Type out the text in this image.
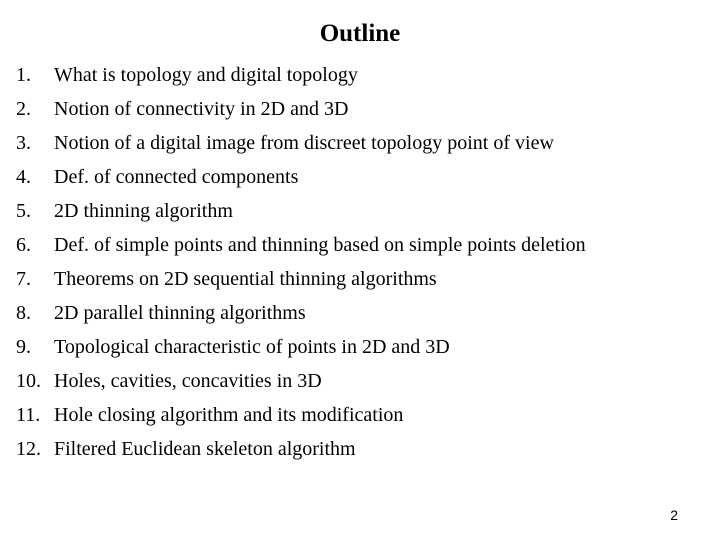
Outline
1.	What is topology and digital topology
2.	Notion of connectivity in 2D and 3D
3.	Notion of a digital image from discreet topology point of view
4.	Def. of connected components
5.	2D thinning algorithm
6.	Def. of simple points and thinning based on simple points deletion
7.	Theorems on 2D sequential thinning algorithms
8.	2D parallel thinning algorithms
9.	Topological characteristic of points in 2D and 3D
10. Holes, cavities, concavities in 3D
11. Hole closing algorithm and its modification
12. Filtered Euclidean skeleton algorithm
2
